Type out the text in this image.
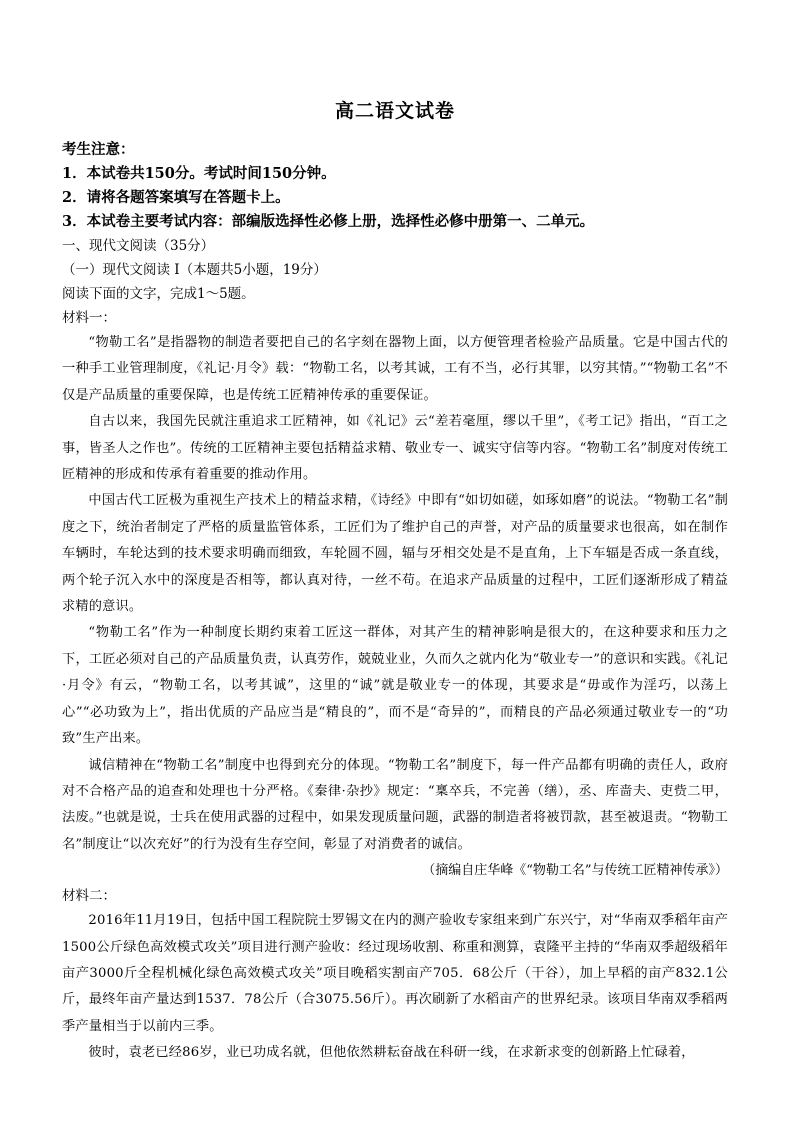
高二语文试卷

考生注意：

1．本试卷共150分。考试时间150分钟。

2．请将各题答案填写在答题卡上。

3．本试卷主要考试内容：部编版选择性必修上册，选择性必修中册第一、二单元。

一、现代文阅读（35分）

（一）现代文阅读 I（本题共5小题，19分）

阅读下面的文字，完成1～5题。

材料一：

“物勒工名”是指器物的制造者要把自己的名字刻在器物上面，以方便管理者检验产品质量。它是中国古代的一种手工业管理制度，《礼记·月令》载：“物勒工名，以考其诚，工有不当，必行其罪，以穷其情。”“物勒工名”不仅是产品质量的重要保障，也是传统工匠精神传承的重要保证。

自古以来，我国先民就注重追求工匠精神，如《礼记》云“差若毫厘，缪以千里”，《考工记》指出，“百工之事，皆圣人之作也”。传统的工匠精神主要包括精益求精、敬业专一、诚实守信等内容。“物勒工名”制度对传统工匠精神的形成和传承有着重要的推动作用。

中国古代工匠极为重视生产技术上的精益求精，《诗经》中即有“如切如磋，如琢如磨”的说法。“物勒工名”制度之下，统治者制定了严格的质量监管体系，工匠们为了维护自己的声誉，对产品的质量要求也很高，如在制作车辆时，车轮达到的技术要求明确而细致，车轮圆不圆，辐与牙相交处是不是直角，上下车辐是否成一条直线，两个轮子沉入水中的深度是否相等，都认真对待，一丝不苟。在追求产品质量的过程中，工匠们逐渐形成了精益求精的意识。

“物勒工名”作为一种制度长期约束着工匠这一群体，对其产生的精神影响是很大的，在这种要求和压力之下，工匠必须对自己的产品质量负责，认真劳作，兢兢业业，久而久之就内化为“敬业专一”的意识和实践。《礼记·月令》有云，“物勒工名，以考其诚”，这里的“诚”就是敬业专一的体现，其要求是“毋或作为淫巧，以荡上心”“必功致为上”，指出优质的产品应当是“精良的”，而不是“奇异的”，而精良的产品必须通过敬业专一的“功致”生产出来。

诚信精神在“物勒工名”制度中也得到充分的体现。“物勒工名”制度下，每一件产品都有明确的责任人，政府对不合格产品的追查和处理也十分严格。《秦律·杂抄》规定：“稟卒兵，不完善（缮），丞、库啬夫、吏赀二甲，法废。”也就是说，士兵在使用武器的过程中，如果发现质量问题，武器的制造者将被罚款，甚至被退责。“物勒工名”制度让“以次充好”的行为没有生存空间，彰显了对消费者的诚信。

（摘编自庄华峰《“物勒工名”与传统工匠精神传承》）

材料二：

2016年11月19日，包括中国工程院院士罗锡文在内的测产验收专家组来到广东兴宁，对“华南双季稻年亩产1500公斤绿色高效模式攻关”项目进行测产验收：经过现场收割、称重和测算，袁隆平主持的“华南双季超级稻年亩产3000斤全程机械化绿色高效模式攻关”项目晚稻实割亩产705．68公斤（干谷），加上早稻的亩产832.1公斤，最终年亩产量达到1537．78公斤（合3075.56斤）。再次刷新了水稻亩产的世界纪录。该项目华南双季稻两季产量相当于以前内三季。

彼时，袁老已经86岁，业已功成名就，但他依然耕耘奋战在科研一线，在求新求变的创新路上忙碌着，
